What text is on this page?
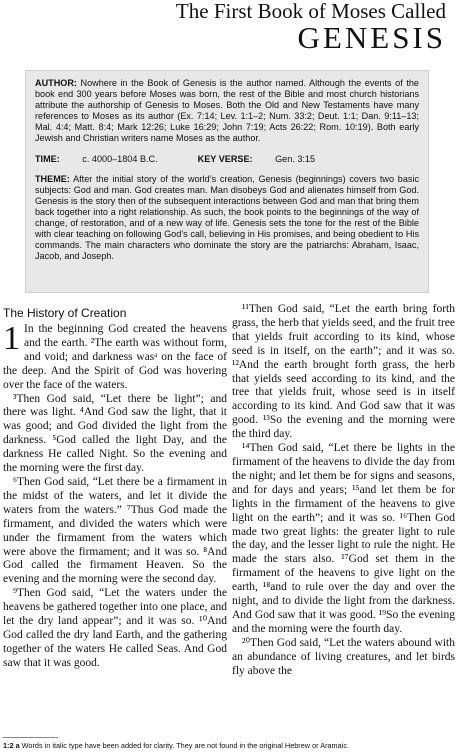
The First Book of Moses Called
GENESIS

AUTHOR: Nowhere in the Book of Genesis is the author named. Although the events of the book end 300 years before Moses was born, the rest of the Bible and most church historians attribute the authorship of Genesis to Moses. Both the Old and New Testaments have many references to Moses as its author (Ex. 7:14; Lev. 1:1–2; Num. 33:2; Deut. 1:1; Dan. 9:11–13; Mal. 4:4; Matt. 8:4; Mark 12:26; Luke 16:29; John 7:19; Acts 26:22; Rom. 10:19). Both early Jewish and Christian writers name Moses as the author.

TIME: c. 4000–1804 B.C.	KEY VERSE: Gen. 3:15

THEME: After the initial story of the world’s creation, Genesis (beginnings) covers two basic subjects: God and man. God creates man. Man disobeys God and alienates himself from God. Genesis is the story then of the subsequent interactions between God and man that bring them back together into a right relationship. As such, the book points to the beginnings of the way of change, of restoration, and of a new way of life. Genesis sets the tone for the rest of the Bible with clear teaching on following God’s call, believing in His promises, and being obedient to His commands. The main characters who dominate the story are the patriarchs: Abraham, Isaac, Jacob, and Joseph.

The History of Creation

1 In the beginning God created the heavens and the earth. ²The earth was without form, and void; and darkness wasᵃ on the face of the deep. And the Spirit of God was hovering over the face of the waters.

³Then God said, “Let there be light”; and there was light. ⁴And God saw the light, that it was good; and God divided the light from the darkness. ⁵God called the light Day, and the darkness He called Night. So the evening and the morning were the first day.

⁶Then God said, “Let there be a firmament in the midst of the waters, and let it divide the waters from the waters.” ⁷Thus God made the firmament, and divided the waters which were under the firmament from the waters which were above the firmament; and it was so. ⁸And God called the firmament Heaven. So the evening and the morning were the second day.

⁹Then God said, “Let the waters under the heavens be gathered together into one place, and let the dry land appear”; and it was so. ¹⁰And God called the dry land Earth, and the gathering together of the waters He called Seas. And God saw that it was good.

¹¹Then God said, “Let the earth bring forth grass, the herb that yields seed, and the fruit tree that yields fruit according to its kind, whose seed is in itself, on the earth”; and it was so. ¹²And the earth brought forth grass, the herb that yields seed according to its kind, and the tree that yields fruit, whose seed is in itself according to its kind. And God saw that it was good. ¹³So the evening and the morning were the third day.

¹⁴Then God said, “Let there be lights in the firmament of the heavens to divide the day from the night; and let them be for signs and seasons, and for days and years; ¹⁵and let them be for lights in the firmament of the heavens to give light on the earth”; and it was so. ¹⁶Then God made two great lights: the greater light to rule the day, and the lesser light to rule the night. He made the stars also. ¹⁷God set them in the firmament of the heavens to give light on the earth, ¹⁸and to rule over the day and over the night, and to divide the light from the darkness. And God saw that it was good. ¹⁹So the evening and the morning were the fourth day.

²⁰Then God said, “Let the waters abound with an abundance of living creatures, and let birds fly above the

1:2 a Words in italic type have been added for clarity. They are not found in the original Hebrew or Aramaic.
